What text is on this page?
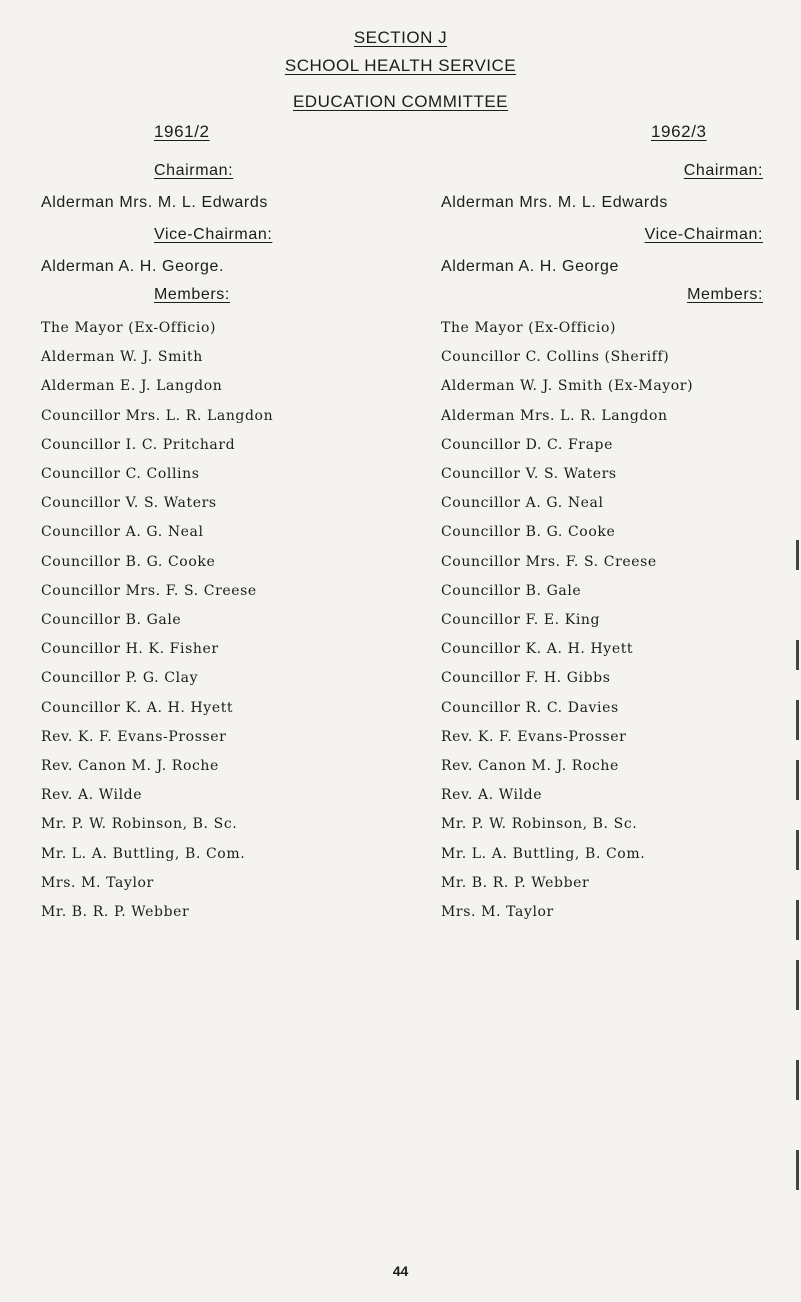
SECTION J
SCHOOL HEALTH SERVICE
EDUCATION COMMITTEE
1961/2
Chairman:
Alderman Mrs. M. L. Edwards
Vice-Chairman:
Alderman A. H. George.
Members:
The Mayor (Ex-Officio)
Alderman W. J. Smith
Alderman E. J. Langdon
Councillor Mrs. L. R. Langdon
Councillor I. C. Pritchard
Councillor C. Collins
Councillor V. S. Waters
Councillor A. G. Neal
Councillor B. G. Cooke
Councillor Mrs. F. S. Creese
Councillor B. Gale
Councillor H. K. Fisher
Councillor P. G. Clay
Councillor K. A. H. Hyett
Rev. K. F. Evans-Prosser
Rev. Canon M. J. Roche
Rev. A. Wilde
Mr. P. W. Robinson, B. Sc.
Mr. L. A. Buttling, B. Com.
Mrs. M. Taylor
Mr. B. R. P. Webber
1962/3
Chairman:
Alderman Mrs. M. L. Edwards
Vice-Chairman:
Alderman A. H. George
Members:
The Mayor (Ex-Officio)
Councillor C. Collins (Sheriff)
Alderman W. J. Smith (Ex-Mayor)
Alderman Mrs. L. R. Langdon
Councillor D. C. Frape
Councillor V. S. Waters
Councillor A. G. Neal
Councillor B. G. Cooke
Councillor Mrs. F. S. Creese
Councillor B. Gale
Councillor F. E. King
Councillor K. A. H. Hyett
Councillor F. H. Gibbs
Councillor R. C. Davies
Rev. K. F. Evans-Prosser
Rev. Canon M. J. Roche
Rev. A. Wilde
Mr. P. W. Robinson, B. Sc.
Mr. L. A. Buttling, B. Com.
Mr. B. R. P. Webber
Mrs. M. Taylor
44
